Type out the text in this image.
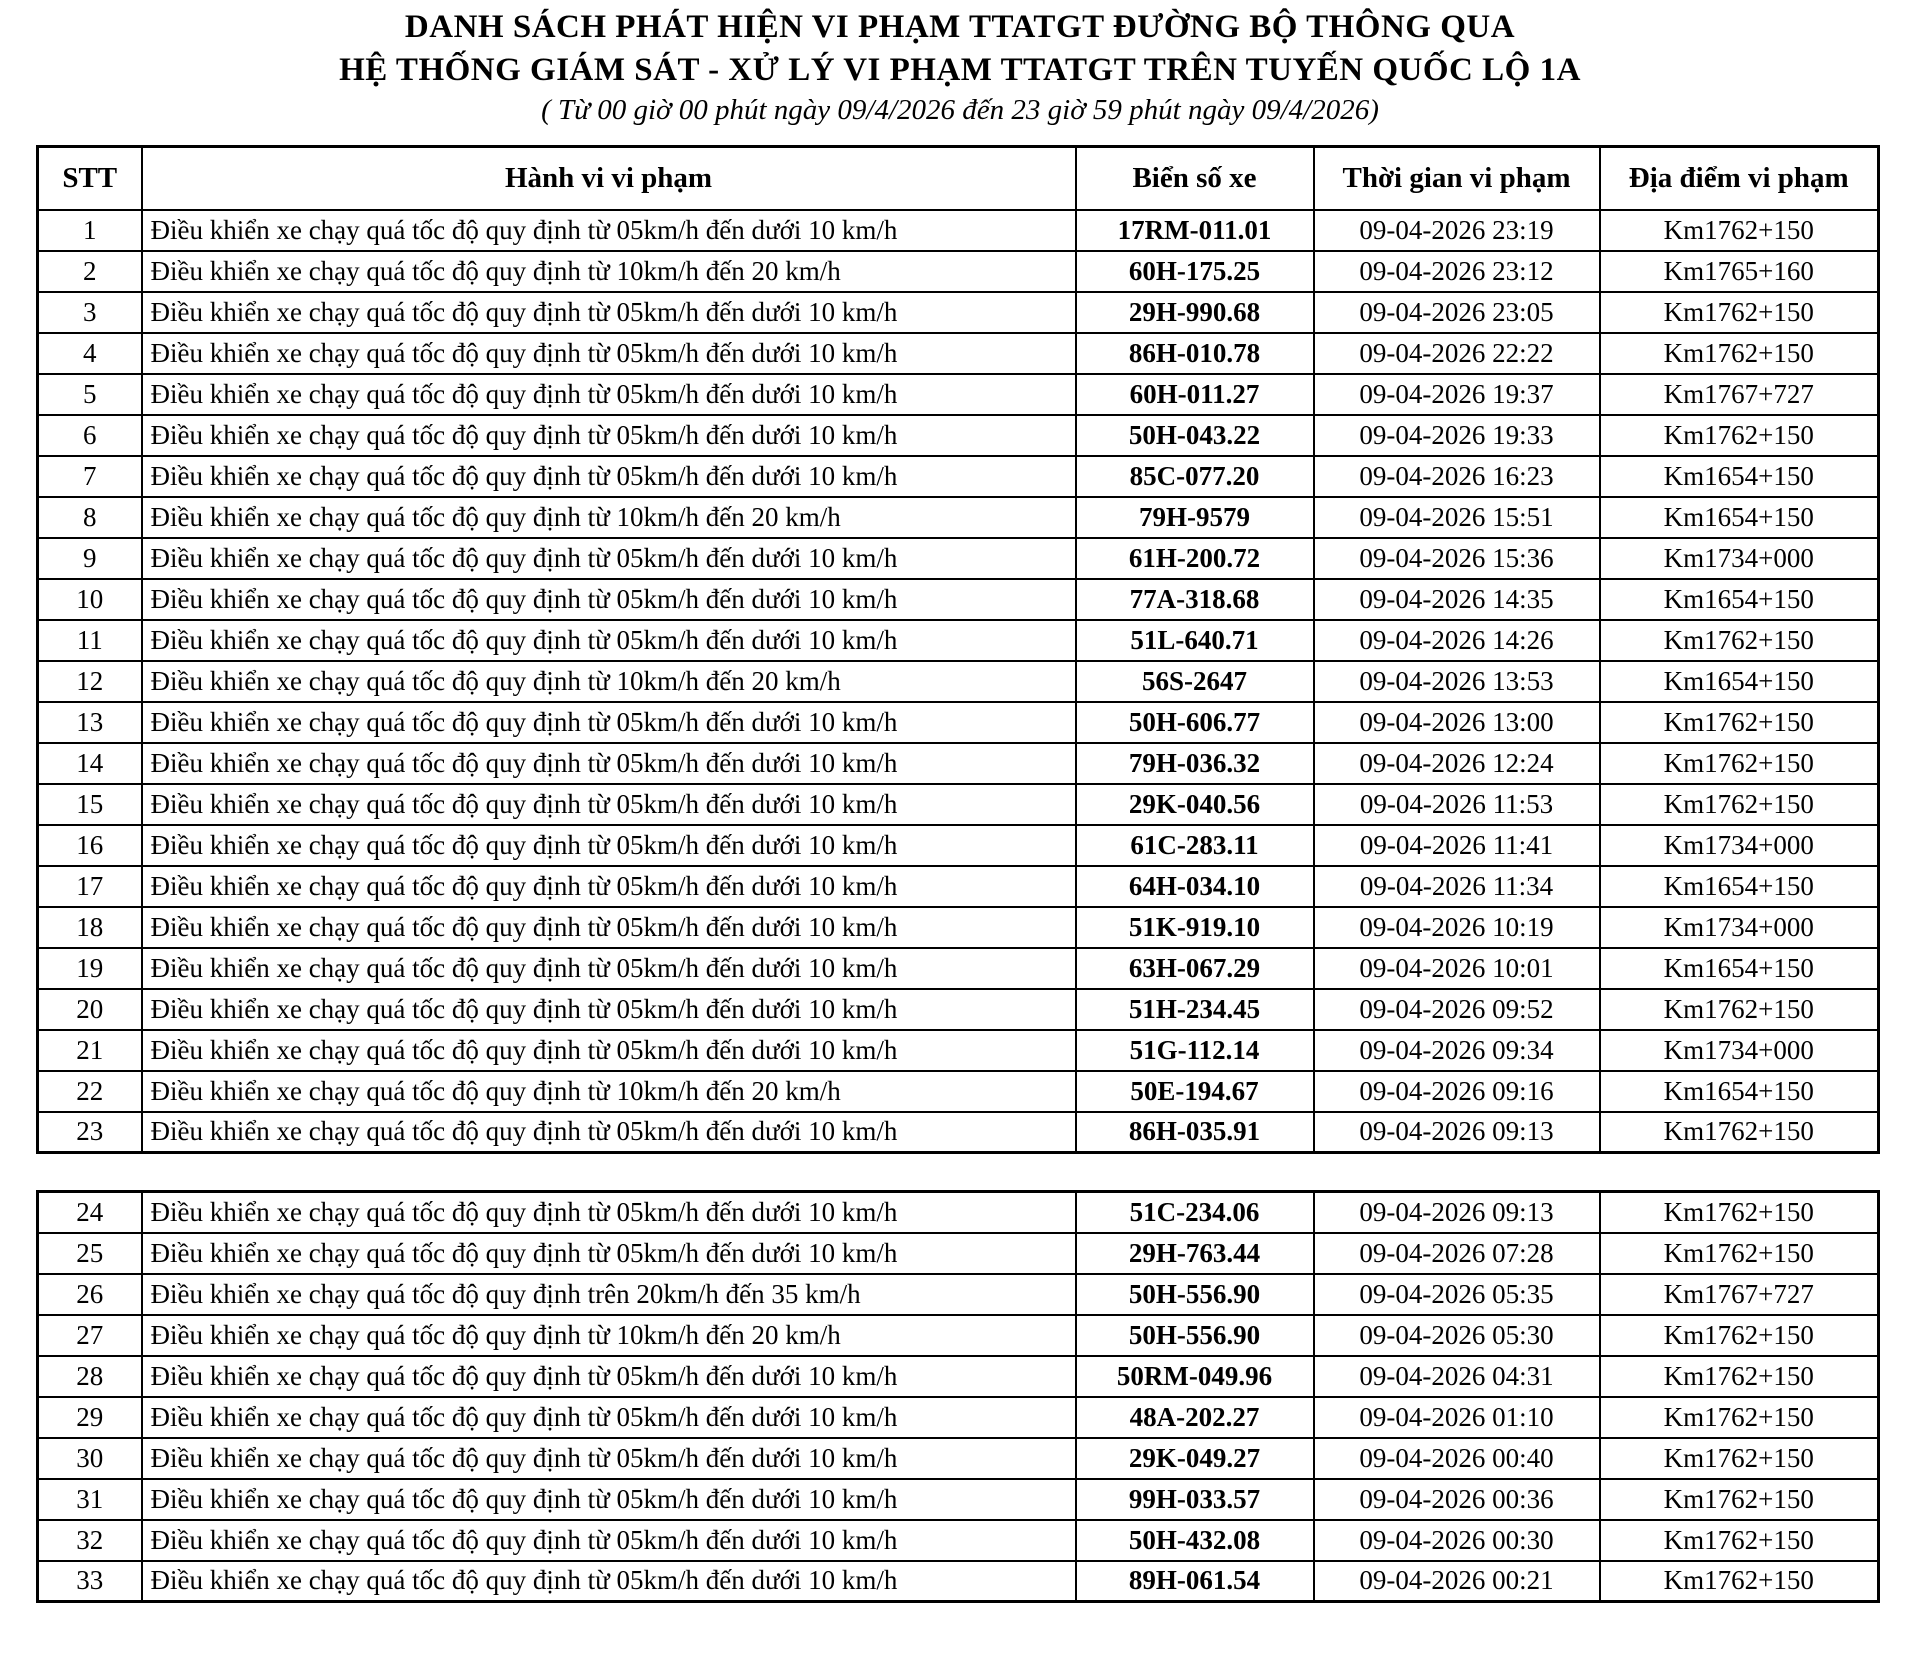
DANH SÁCH PHÁT HIỆN VI PHẠM TTATGT ĐƯỜNG BỘ THÔNG QUA
HỆ THỐNG GIÁM SÁT - XỬ LÝ VI PHẠM TTATGT TRÊN TUYẾN QUỐC LỘ 1A
( Từ 00 giờ 00 phút ngày 09/4/2026 đến 23 giờ 59 phút ngày 09/4/2026)
STT	Hành vi vi phạm	Biển số xe	Thời gian vi phạm	Địa điểm vi phạm
1	Điều khiển xe chạy quá tốc độ quy định từ 05km/h đến dưới 10 km/h	17RM-011.01	09-04-2026 23:19	Km1762+150
2	Điều khiển xe chạy quá tốc độ quy định từ 10km/h đến 20 km/h	60H-175.25	09-04-2026 23:12	Km1765+160
3	Điều khiển xe chạy quá tốc độ quy định từ 05km/h đến dưới 10 km/h	29H-990.68	09-04-2026 23:05	Km1762+150
4	Điều khiển xe chạy quá tốc độ quy định từ 05km/h đến dưới 10 km/h	86H-010.78	09-04-2026 22:22	Km1762+150
5	Điều khiển xe chạy quá tốc độ quy định từ 05km/h đến dưới 10 km/h	60H-011.27	09-04-2026 19:37	Km1767+727
6	Điều khiển xe chạy quá tốc độ quy định từ 05km/h đến dưới 10 km/h	50H-043.22	09-04-2026 19:33	Km1762+150
7	Điều khiển xe chạy quá tốc độ quy định từ 05km/h đến dưới 10 km/h	85C-077.20	09-04-2026 16:23	Km1654+150
8	Điều khiển xe chạy quá tốc độ quy định từ 10km/h đến 20 km/h	79H-9579	09-04-2026 15:51	Km1654+150
9	Điều khiển xe chạy quá tốc độ quy định từ 05km/h đến dưới 10 km/h	61H-200.72	09-04-2026 15:36	Km1734+000
10	Điều khiển xe chạy quá tốc độ quy định từ 05km/h đến dưới 10 km/h	77A-318.68	09-04-2026 14:35	Km1654+150
11	Điều khiển xe chạy quá tốc độ quy định từ 05km/h đến dưới 10 km/h	51L-640.71	09-04-2026 14:26	Km1762+150
12	Điều khiển xe chạy quá tốc độ quy định từ 10km/h đến 20 km/h	56S-2647	09-04-2026 13:53	Km1654+150
13	Điều khiển xe chạy quá tốc độ quy định từ 05km/h đến dưới 10 km/h	50H-606.77	09-04-2026 13:00	Km1762+150
14	Điều khiển xe chạy quá tốc độ quy định từ 05km/h đến dưới 10 km/h	79H-036.32	09-04-2026 12:24	Km1762+150
15	Điều khiển xe chạy quá tốc độ quy định từ 05km/h đến dưới 10 km/h	29K-040.56	09-04-2026 11:53	Km1762+150
16	Điều khiển xe chạy quá tốc độ quy định từ 05km/h đến dưới 10 km/h	61C-283.11	09-04-2026 11:41	Km1734+000
17	Điều khiển xe chạy quá tốc độ quy định từ 05km/h đến dưới 10 km/h	64H-034.10	09-04-2026 11:34	Km1654+150
18	Điều khiển xe chạy quá tốc độ quy định từ 05km/h đến dưới 10 km/h	51K-919.10	09-04-2026 10:19	Km1734+000
19	Điều khiển xe chạy quá tốc độ quy định từ 05km/h đến dưới 10 km/h	63H-067.29	09-04-2026 10:01	Km1654+150
20	Điều khiển xe chạy quá tốc độ quy định từ 05km/h đến dưới 10 km/h	51H-234.45	09-04-2026 09:52	Km1762+150
21	Điều khiển xe chạy quá tốc độ quy định từ 05km/h đến dưới 10 km/h	51G-112.14	09-04-2026 09:34	Km1734+000
22	Điều khiển xe chạy quá tốc độ quy định từ 10km/h đến 20 km/h	50E-194.67	09-04-2026 09:16	Km1654+150
23	Điều khiển xe chạy quá tốc độ quy định từ 05km/h đến dưới 10 km/h	86H-035.91	09-04-2026 09:13	Km1762+150
24	Điều khiển xe chạy quá tốc độ quy định từ 05km/h đến dưới 10 km/h	51C-234.06	09-04-2026 09:13	Km1762+150
25	Điều khiển xe chạy quá tốc độ quy định từ 05km/h đến dưới 10 km/h	29H-763.44	09-04-2026 07:28	Km1762+150
26	Điều khiển xe chạy quá tốc độ quy định trên 20km/h đến 35 km/h	50H-556.90	09-04-2026 05:35	Km1767+727
27	Điều khiển xe chạy quá tốc độ quy định từ 10km/h đến 20 km/h	50H-556.90	09-04-2026 05:30	Km1762+150
28	Điều khiển xe chạy quá tốc độ quy định từ 05km/h đến dưới 10 km/h	50RM-049.96	09-04-2026 04:31	Km1762+150
29	Điều khiển xe chạy quá tốc độ quy định từ 05km/h đến dưới 10 km/h	48A-202.27	09-04-2026 01:10	Km1762+150
30	Điều khiển xe chạy quá tốc độ quy định từ 05km/h đến dưới 10 km/h	29K-049.27	09-04-2026 00:40	Km1762+150
31	Điều khiển xe chạy quá tốc độ quy định từ 05km/h đến dưới 10 km/h	99H-033.57	09-04-2026 00:36	Km1762+150
32	Điều khiển xe chạy quá tốc độ quy định từ 05km/h đến dưới 10 km/h	50H-432.08	09-04-2026 00:30	Km1762+150
33	Điều khiển xe chạy quá tốc độ quy định từ 05km/h đến dưới 10 km/h	89H-061.54	09-04-2026 00:21	Km1762+150
